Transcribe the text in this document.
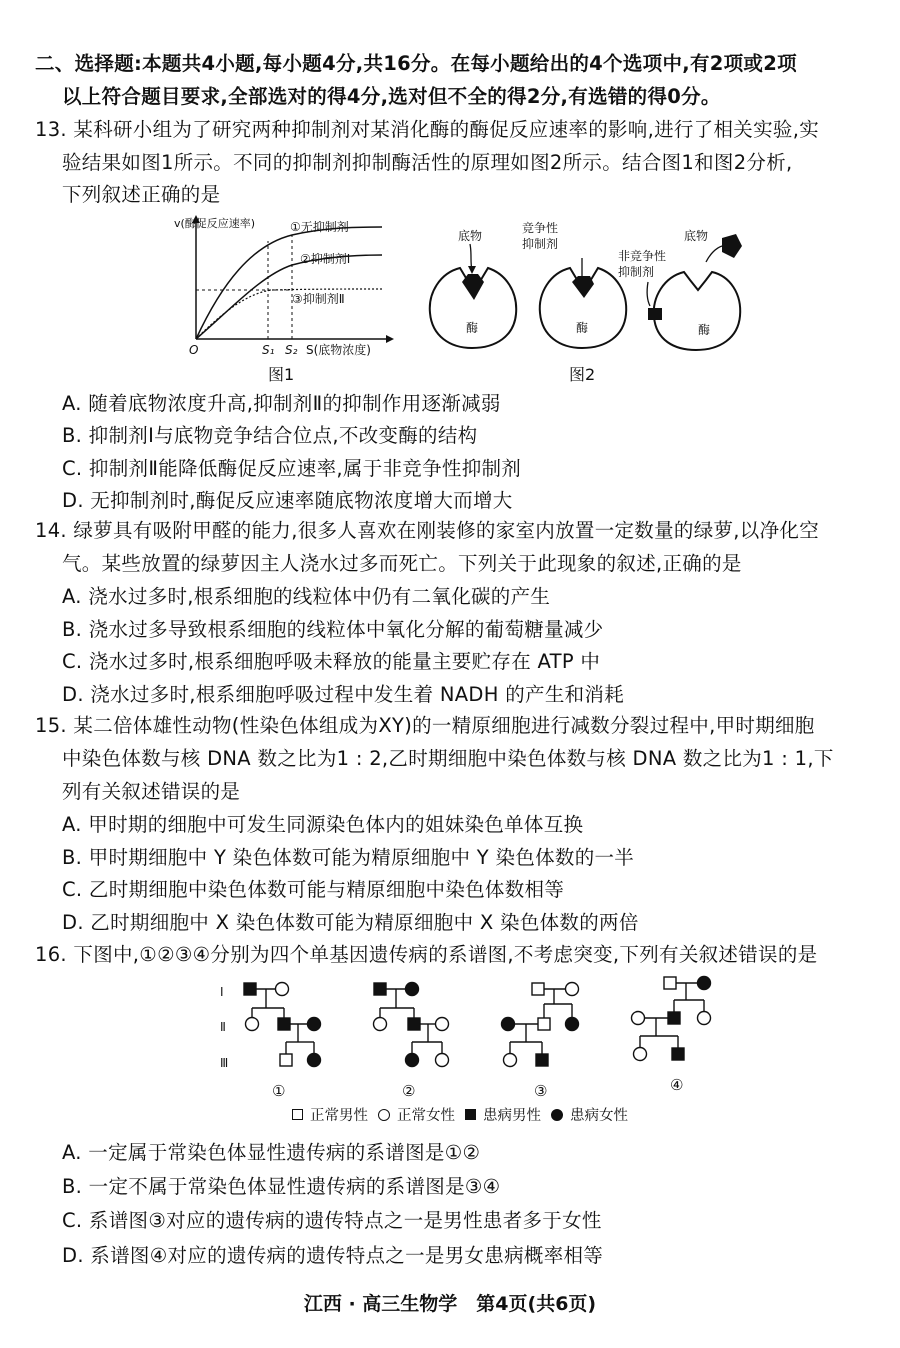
二、选择题:本题共4小题,每小题4分,共16分。在每小题给出的4个选项中,有2项或2项
以上符合题目要求,全部选对的得4分,选对但不全的得2分,有选错的得0分。
13. 某科研小组为了研究两种抑制剂对某消化酶的酶促反应速率的影响,进行了相关实验,实
验结果如图1所示。不同的抑制剂抑制酶活性的原理如图2所示。结合图1和图2分析,
下列叙述正确的是
v(酶促反应速率)	①无抑制剂
②抑制剂Ⅰ
③抑制剂Ⅱ
O	S₁ S₂ S(底物浓度)
图1
底物
酶
竞争性
抑制剂
酶
非竞争性
抑制剂
底物
酶
图2
A. 随着底物浓度升高,抑制剂Ⅱ的抑制作用逐渐减弱
B. 抑制剂Ⅰ与底物竞争结合位点,不改变酶的结构
C. 抑制剂Ⅱ能降低酶促反应速率,属于非竞争性抑制剂
D. 无抑制剂时,酶促反应速率随底物浓度增大而增大
14. 绿萝具有吸附甲醛的能力,很多人喜欢在刚装修的家室内放置一定数量的绿萝,以净化空
气。某些放置的绿萝因主人浇水过多而死亡。下列关于此现象的叙述,正确的是
A. 浇水过多时,根系细胞的线粒体中仍有二氧化碳的产生
B. 浇水过多导致根系细胞的线粒体中氧化分解的葡萄糖量减少
C. 浇水过多时,根系细胞呼吸未释放的能量主要贮存在 ATP 中
D. 浇水过多时,根系细胞呼吸过程中发生着 NADH 的产生和消耗
15. 某二倍体雄性动物(性染色体组成为XY)的一精原细胞进行减数分裂过程中,甲时期细胞
中染色体数与核 DNA 数之比为1 : 2,乙时期细胞中染色体数与核 DNA 数之比为1 : 1,下
列有关叙述错误的是
A. 甲时期的细胞中可发生同源染色体内的姐妹染色单体互换
B. 甲时期细胞中 Y 染色体数可能为精原细胞中 Y 染色体数的一半
C. 乙时期细胞中染色体数可能与精原细胞中染色体数相等
D. 乙时期细胞中 X 染色体数可能为精原细胞中 X 染色体数的两倍
16. 下图中,①②③④分别为四个单基因遗传病的系谱图,不考虑突变,下列有关叙述错误的是
Ⅰ
Ⅱ
Ⅲ
①	②	③	④
正常男性 正常女性 患病男性 患病女性
A. 一定属于常染色体显性遗传病的系谱图是①②
B. 一定不属于常染色体显性遗传病的系谱图是③④
C. 系谱图③对应的遗传病的遗传特点之一是男性患者多于女性
D. 系谱图④对应的遗传病的遗传特点之一是男女患病概率相等
江西 · 高三生物学　第4页(共6页)
